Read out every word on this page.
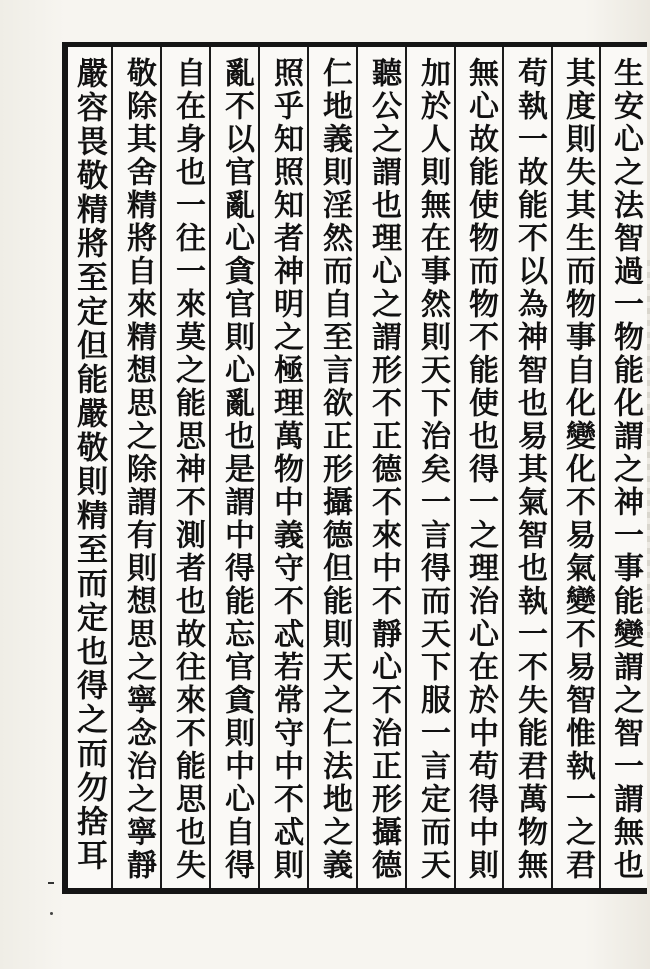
生安心之法智過一物能化謂之神一事能變謂之智一謂無也
其度則失其生而物事自化變化不易氣變不易智惟執一之君
苟執一故能不以為神智也易其氣智也執一不失能君萬物無
無心故能使物而物不能使也得一之理治心在於中苟得中則
加於人則無在事然則天下治矣一言得而天下服一言定而天
聽公之謂也理心之謂形不正德不來中不靜心不治正形攝德
仁地義則淫然而自至言欲正形攝德但能則天之仁法地之義
照乎知照知者神明之極理萬物中義守不忒若常守中不忒則
亂不以官亂心貪官則心亂也是謂中得能忘官貪則中心自得
自在身也一往一來莫之能思神不測者也故往來不能思也失
敬除其舍精將自來精想思之除謂有則想思之寧念治之寧靜
嚴容畏敬精將至定但能嚴敬則精至而定也得之而勿捨耳
